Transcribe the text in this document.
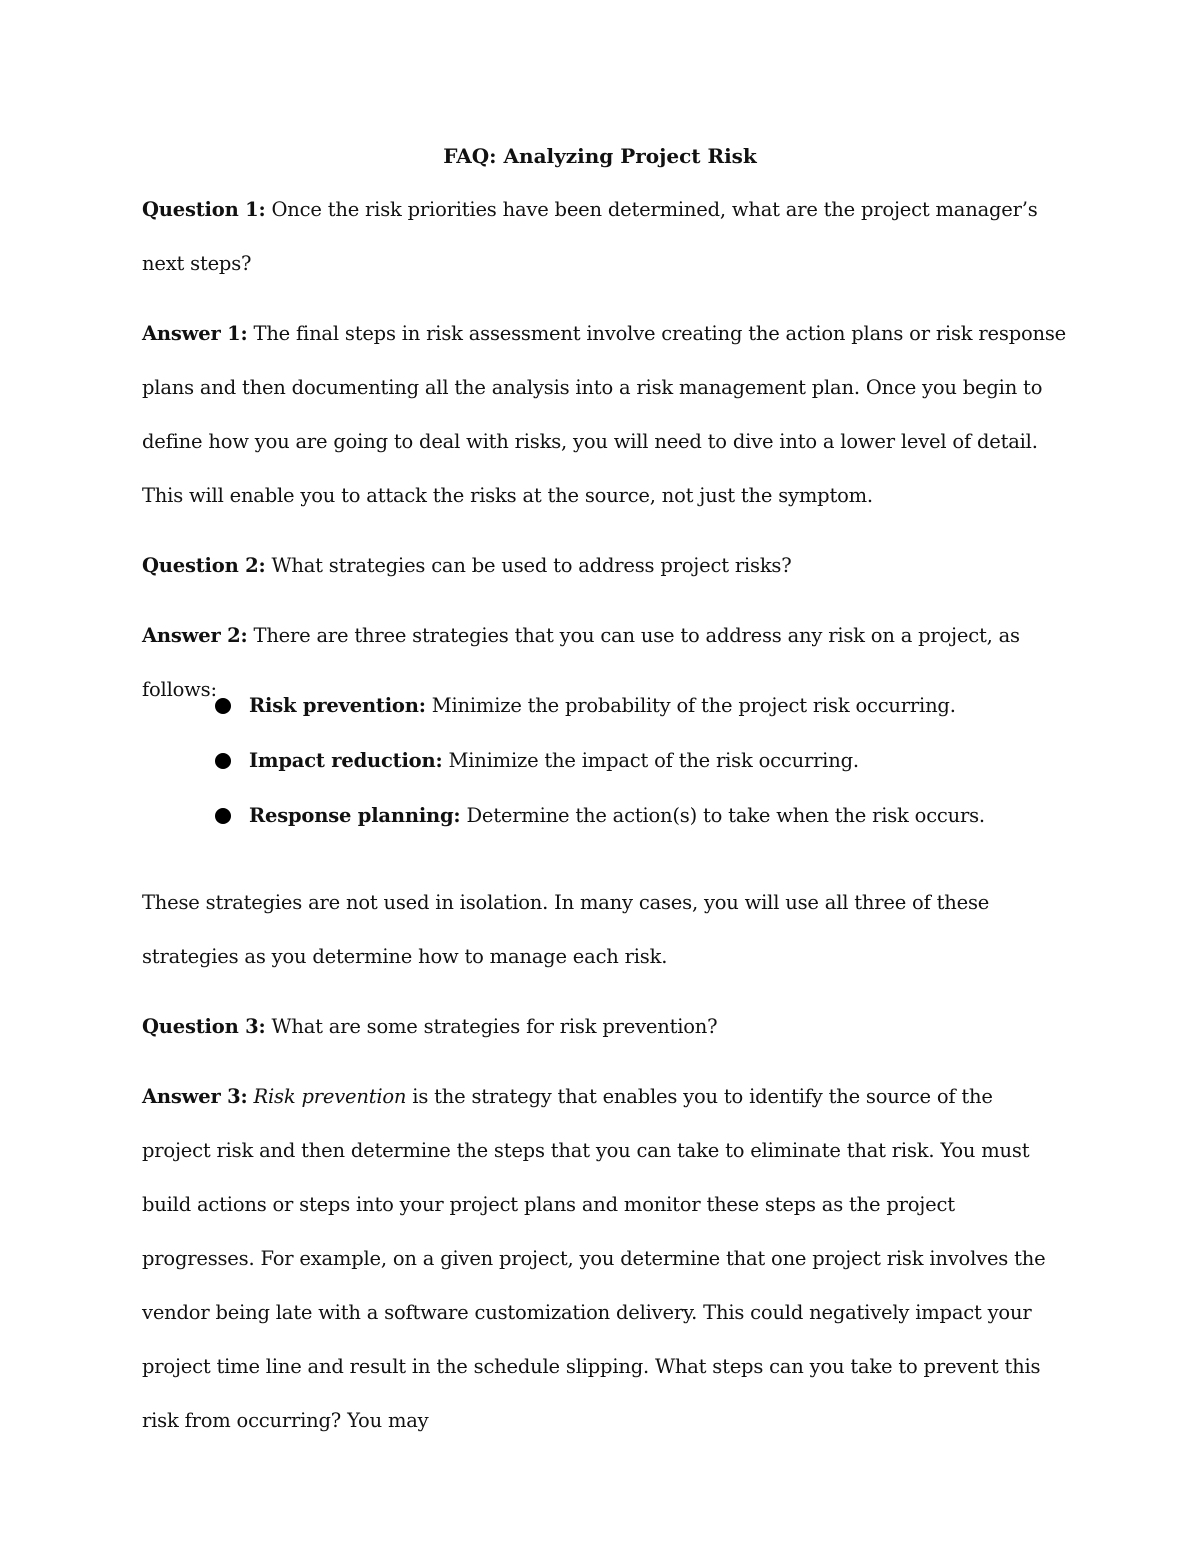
FAQ: Analyzing Project Risk

Question 1: Once the risk priorities have been determined, what are the project manager’s next steps?

Answer 1: The final steps in risk assessment involve creating the action plans or risk response plans and then documenting all the analysis into a risk management plan. Once you begin to define how you are going to deal with risks, you will need to dive into a lower level of detail. This will enable you to attack the risks at the source, not just the symptom.

Question 2: What strategies can be used to address project risks?

Answer 2: There are three strategies that you can use to address any risk on a project, as follows:

Risk prevention: Minimize the probability of the project risk occurring.
Impact reduction: Minimize the impact of the risk occurring.
Response planning: Determine the action(s) to take when the risk occurs.

These strategies are not used in isolation. In many cases, you will use all three of these strategies as you determine how to manage each risk.

Question 3: What are some strategies for risk prevention?

Answer 3: Risk prevention is the strategy that enables you to identify the source of the project risk and then determine the steps that you can take to eliminate that risk. You must build actions or steps into your project plans and monitor these steps as the project progresses. For example, on a given project, you determine that one project risk involves the vendor being late with a software customization delivery. This could negatively impact your project time line and result in the schedule slipping. What steps can you take to prevent this risk from occurring? You may
